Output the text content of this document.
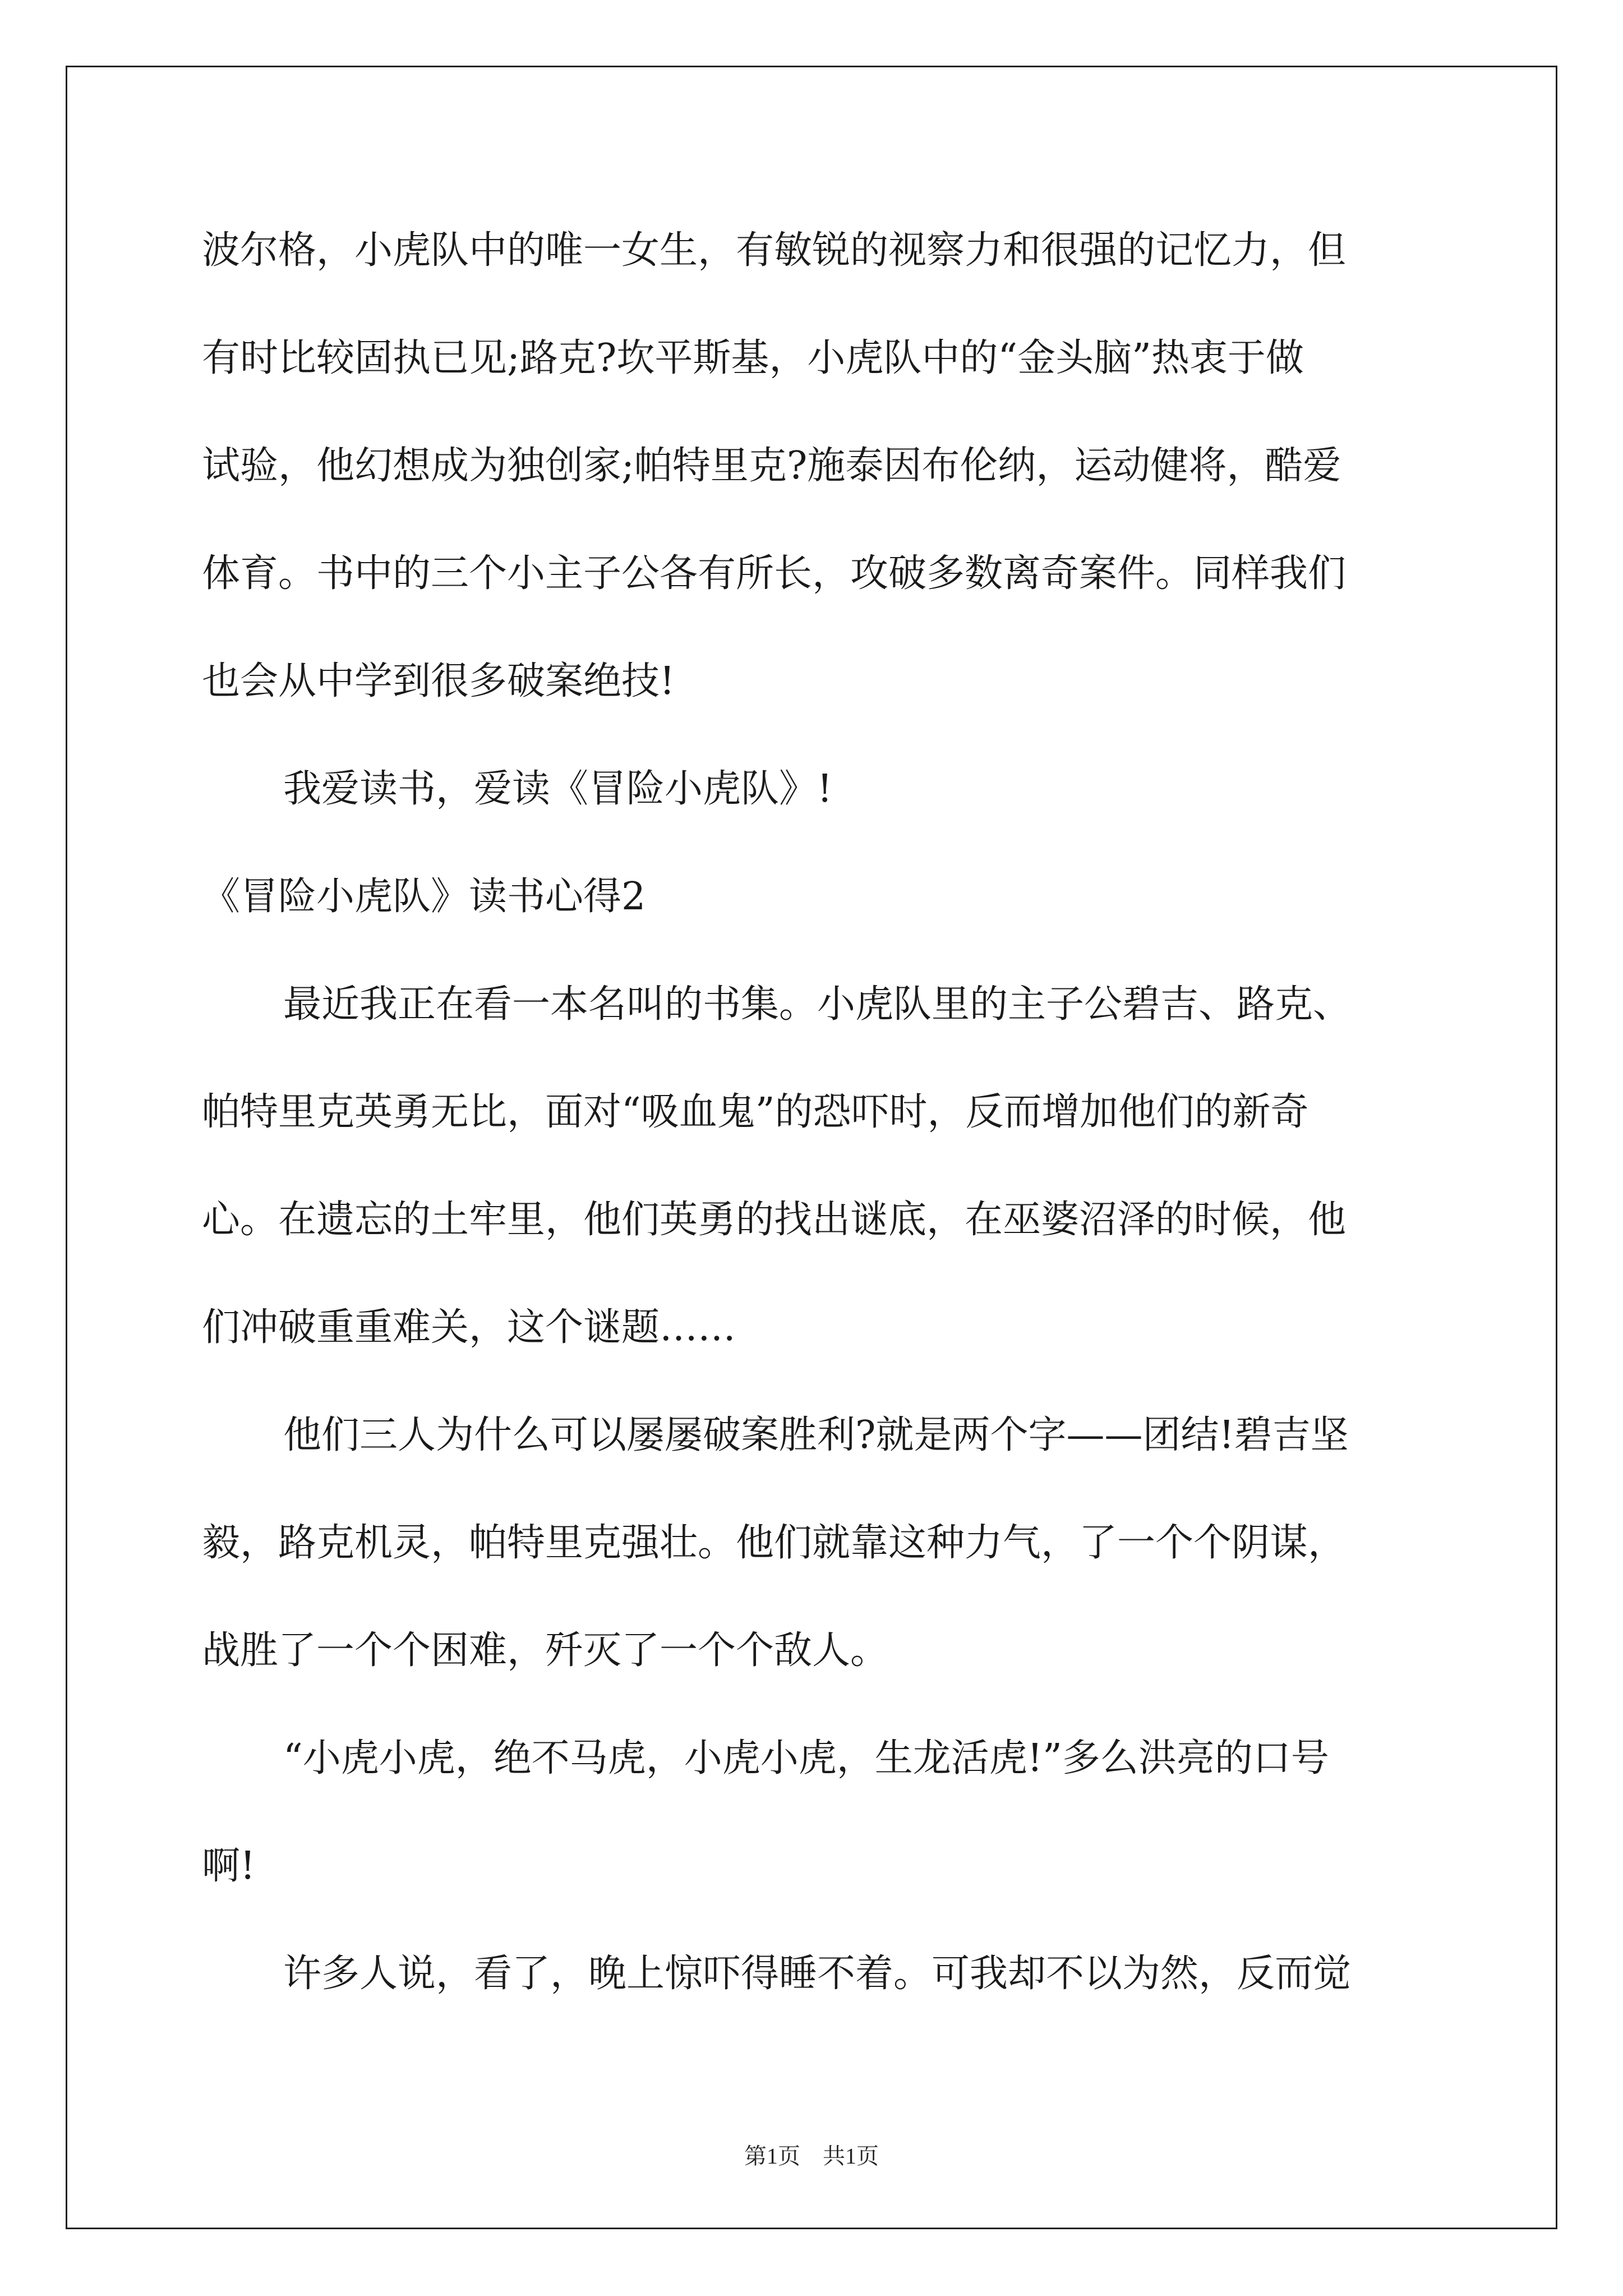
波尔格，小虎队中的唯一女生，有敏锐的视察力和很强的记忆力，但
有时比较固执已见;路克?坎平斯基，小虎队中的“金头脑”热衷于做
试验，他幻想成为独创家;帕特里克?施泰因布伦纳，运动健将，酷爱
体育。书中的三个小主子公各有所长，攻破多数离奇案件。同样我们
也会从中学到很多破案绝技!
我爱读书，爱读《冒险小虎队》!
《冒险小虎队》读书心得2
最近我正在看一本名叫的书集。小虎队里的主子公碧吉、路克、
帕特里克英勇无比，面对“吸血鬼”的恐吓时，反而增加他们的新奇
心。在遗忘的土牢里，他们英勇的找出谜底，在巫婆沼泽的时候，他
们冲破重重难关，这个谜题……
他们三人为什么可以屡屡破案胜利?就是两个字——团结!碧吉坚
毅，路克机灵，帕特里克强壮。他们就靠这种力气，了一个个阴谋，
战胜了一个个困难，歼灭了一个个敌人。
“小虎小虎，绝不马虎，小虎小虎，生龙活虎!”多么洪亮的口号
啊!
许多人说，看了，晚上惊吓得睡不着。可我却不以为然，反而觉
第1页　共1页
